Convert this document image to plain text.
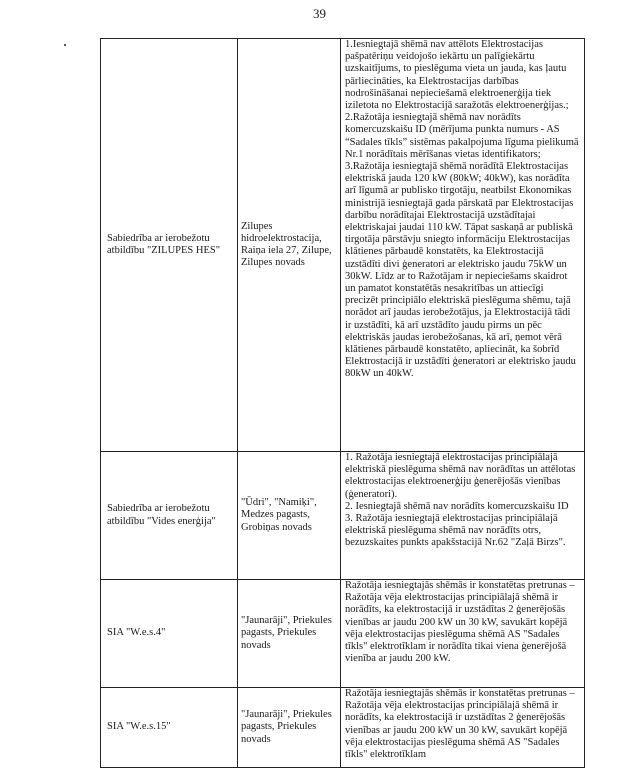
39
Sabiedrība ar ierobežotu atbildību "ZILUPES HES"	Zilupes hidroelektrostacija, Raiņa iela 27, Zilupe, Zilupes novads	1.Iesniegtajā shēmā nav attēlots Elektrostacijas pašpatēriņu veidojošo iekārtu un palīgiekārtu uzskaitījums, to pieslēguma vieta un jauda, kas ļautu pārliecināties, ka Elektrostacijas darbības nodrošināšanai nepieciešamā elektroenerģija tiek iziletota no Elektrostacijā saražotās elektroenerģijas.;

2.Ražotāja iesniegtajā shēmā nav norādīts komercuzskaišu ID (mērījuma punkta numurs - AS “Sadales tīkls” sistēmas pakalpojuma līguma pielikumā Nr.1 norādītais mērīšanas vietas identifikators;

3.Ražotāja iesniegtajā shēmā norādītā Elektrostacijas elektriskā jauda 120 kW (80kW; 40kW), kas norādīta arī līgumā ar publisko tirgotāju, neatbilst Ekonomikas ministrijā iesniegtajā gada pārskatā par Elektrostacijas darbību norādītajai Elektrostacijā uzstādītajai elektriskajai jaudai 110 kW. Tāpat saskaņā ar publiskā tirgotāja pārstāvju sniegto informāciju Elektrostacijas klātienes pārbaudē konstatēts, ka Elektrostacijā uzstādīti divi ģeneratori ar elektrisko jaudu 75kW un 30kW. Līdz ar to Ražotājam ir nepieciešams skaidrot un pamatot konstatētās nesakritības un attiecīgi precizēt principiālo elektriskā pieslēguma shēmu, tajā norādot arī jaudas ierobežotājus, ja Elektrostacijā tādi ir uzstādīti, kā arī uzstādīto jaudu pirms un pēc elektriskās jaudas ierobežošanas, kā arī, ņemot vērā klātienes pārbaudē konstatēto, apliecināt, ka šobrīd Elektrostacijā ir uzstādīti ģeneratori ar elektrisko jaudu 80kW un 40kW.

Sabiedrība ar ierobežotu atbildību "Vides enerģija"	"Ūdri", "Namiķi", Medzes pagasts, Grobiņas novads	1. Ražotāja iesniegtajā elektrostacijas principiālajā elektriskā pieslēguma shēmā nav norādītas un attēlotas elektrostacijas elektroenerģiju ģenerējošās vienības (ģeneratori).

2. Iesniegtajā shēmā nav norādīts komercuzskaišu ID

3. Ražotāja iesniegtajā elektrostacijas principiālajā elektriskā pieslēguma shēmā nav norādīts otrs, bezuzskaites punkts apakšstacijā Nr.62 "Zaļā Birzs".

SIA "W.e.s.4"	"Jaunarāji", Priekules pagasts, Priekules novads	Ražotāja iesniegtajās shēmās ir konstatētas pretrunas – Ražotāja vēja elektrostacijas principiālajā shēmā ir norādīts, ka elektrostacijā ir uzstādītas 2 ģenerējošās vienības ar jaudu 200 kW un 30 kW, savukārt kopējā vēja elektrostacijas pieslēguma shēmā AS "Sadales tīkls" elektrotīklam ir norādīta tikai viena ģenerējošā vienība ar jaudu 200 kW.

SIA "W.e.s.15"	"Jaunarāji", Priekules pagasts, Priekules novads	Ražotāja iesniegtajās shēmās ir konstatētas pretrunas – Ražotāja vēja elektrostacijas principiālajā shēmā ir norādīts, ka elektrostacijā ir uzstādītas 2 ģenerējošās vienības ar jaudu 200 kW un 30 kW, savukārt kopējā vēja elektrostacijas pieslēguma shēmā AS "Sadales tīkls" elektrotīklam
